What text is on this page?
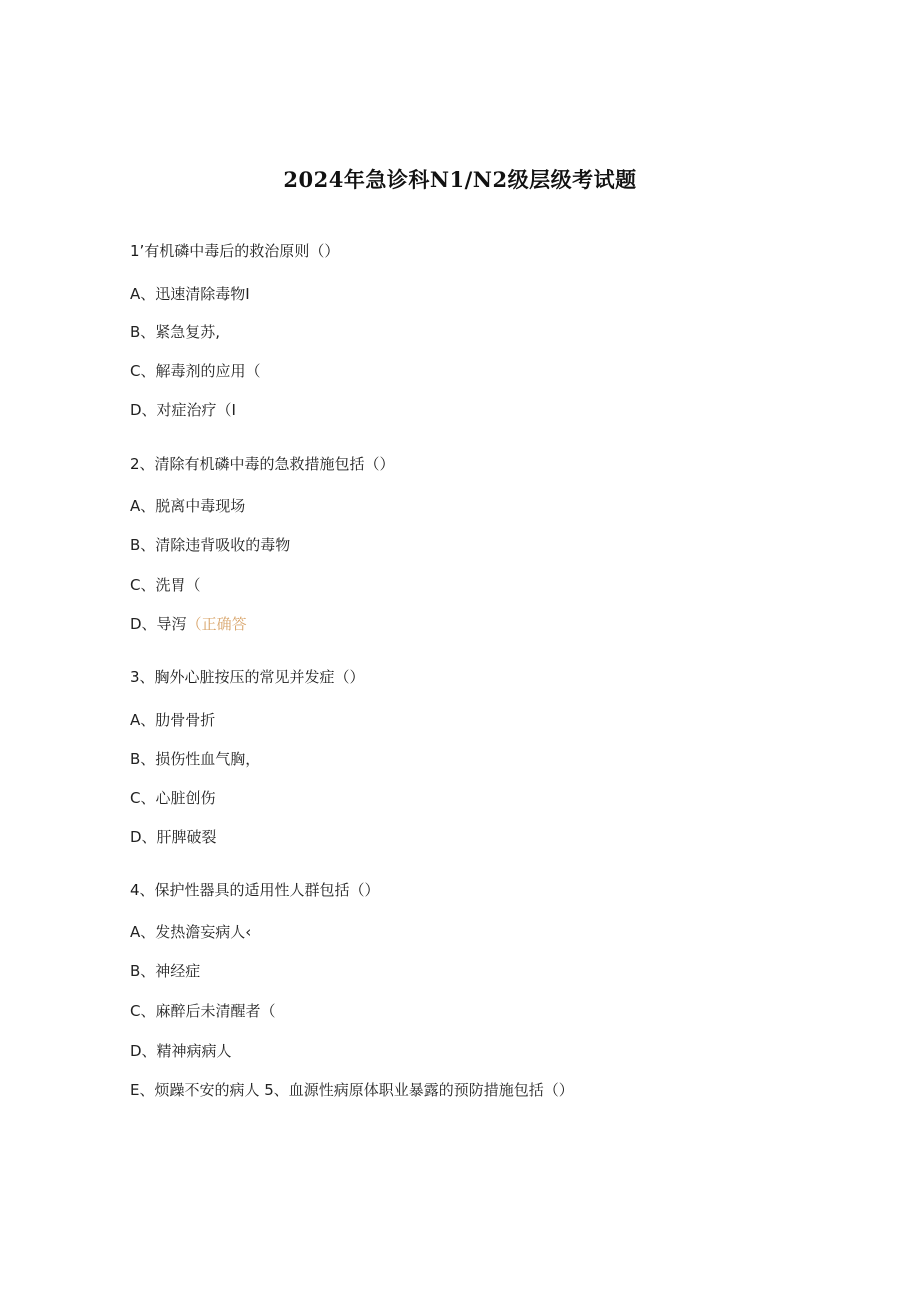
2024年急诊科N1/N2级层级考试题
1’有机磷中毒后的救治原则（）
A、迅速清除毒物I
B、紧急复苏,
C、解毒剂的应用（
D、对症治疗（I
2、清除有机磷中毒的急救措施包括（）
A、脱离中毒现场
B、清除违背吸收的毒物
C、洗胃（
D、导泻（正确答
3、胸外心脏按压的常见并发症（）
A、肋骨骨折
B、损伤性血气胸，
C、心脏创伤
D、肝脾破裂
4、保护性器具的适用性人群包括（）
A、发热澹妄病人‹
B、神经症
C、麻醉后未清醒者（
D、精神病病人
E、烦躁不安的病人 5、血源性病原体职业暴露的预防措施包括（）
